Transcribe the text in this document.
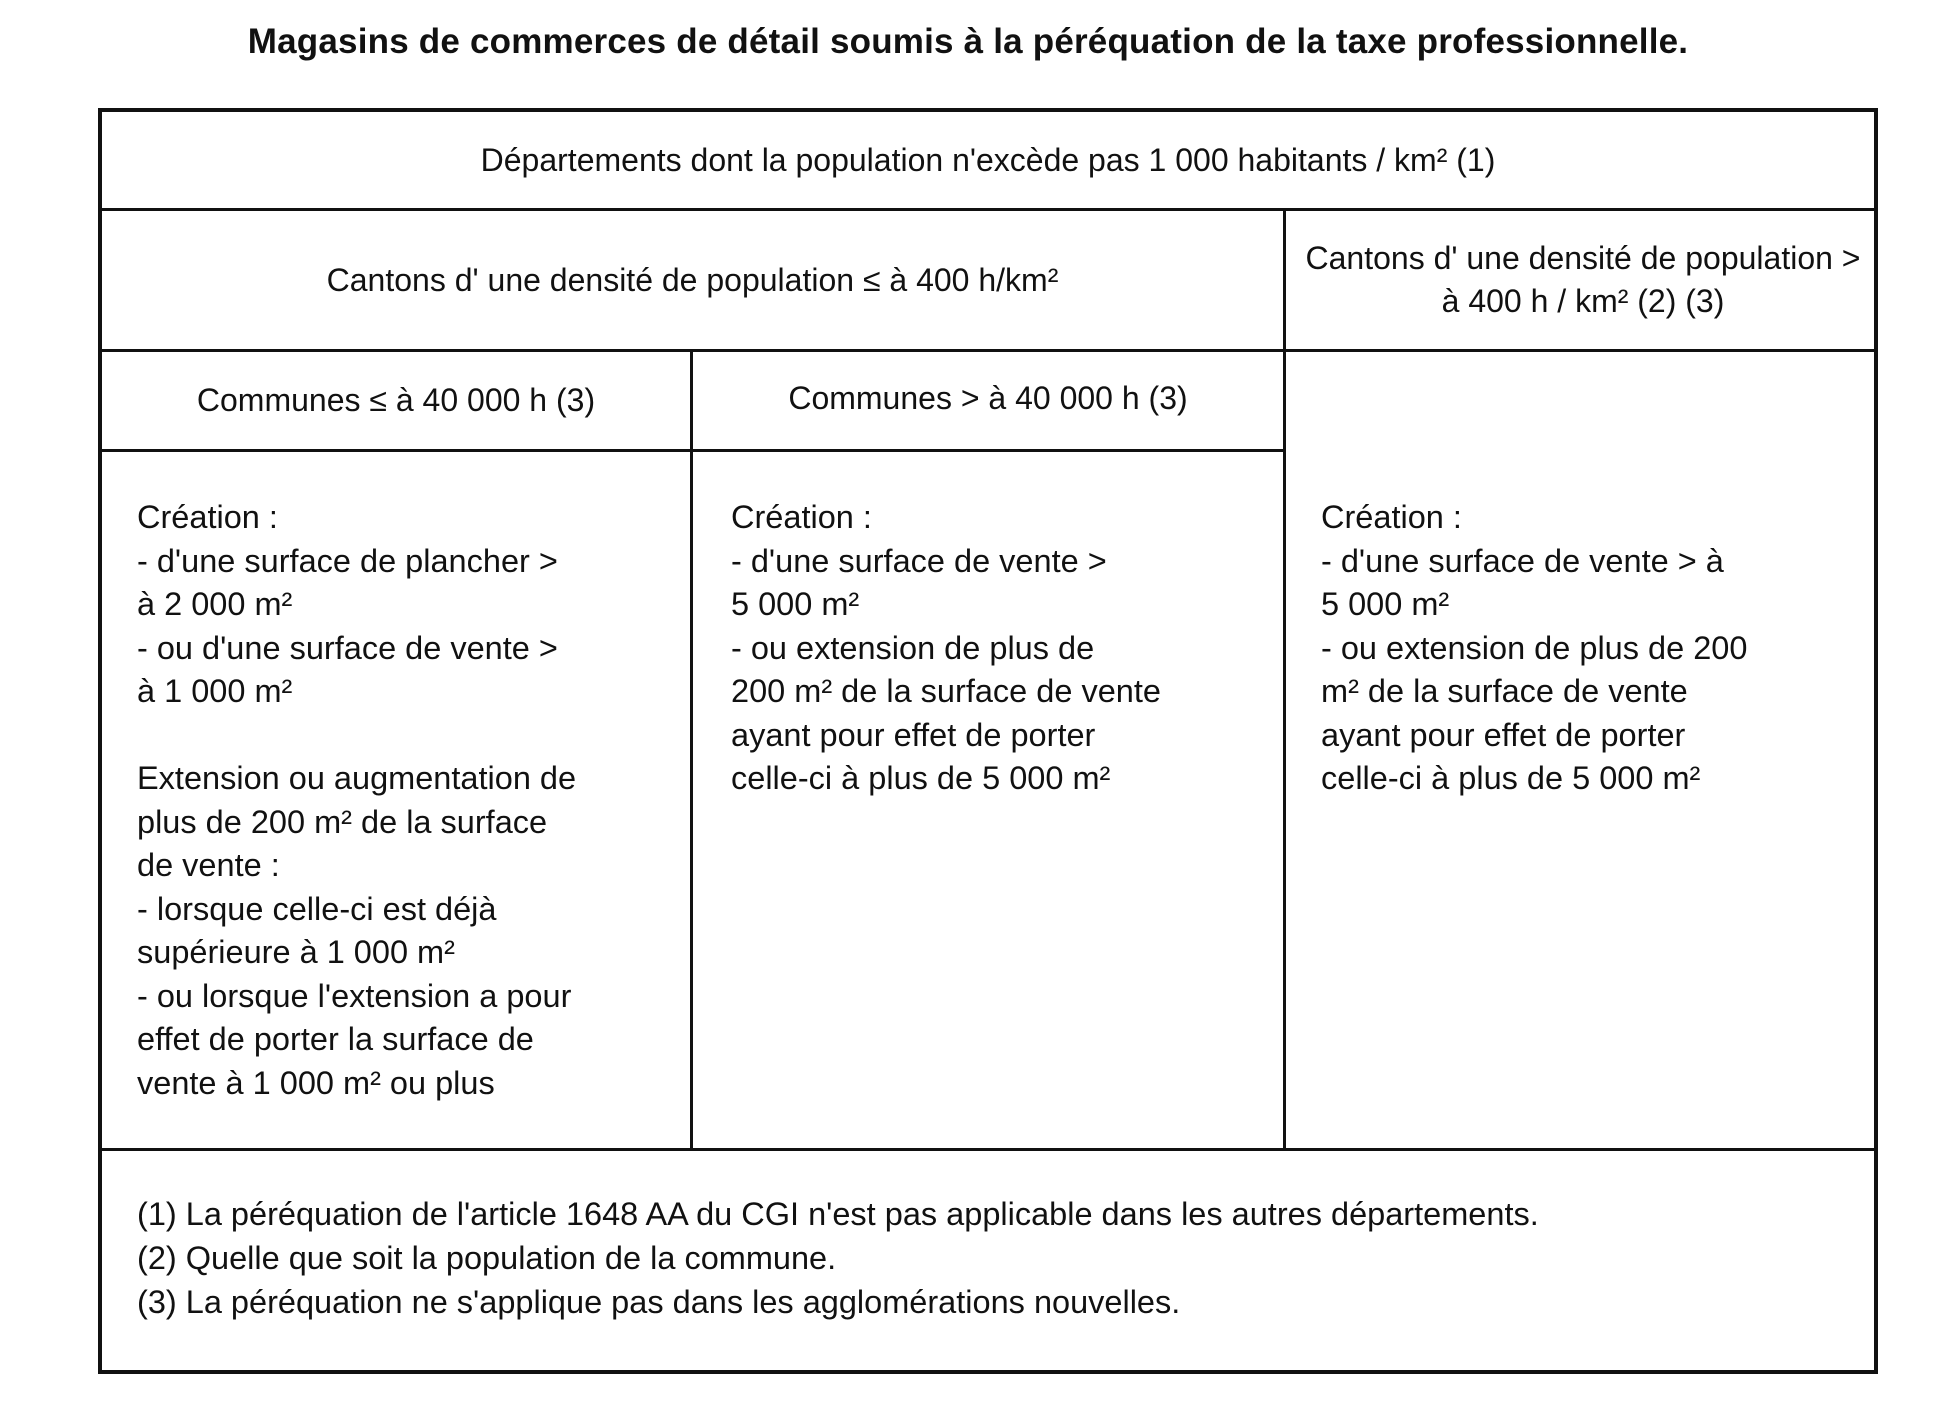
Magasins de commerces de détail soumis à la péréquation de la taxe professionnelle.
Départements dont la population n'excède pas 1 000 habitants / km² (1)
Cantons d' une densité de population ≤ à 400 h/km²
Cantons d' une densité de population > à 400 h / km² (2) (3)
Communes ≤ à 40 000 h (3)	Communes > à 40 000 h (3)
Création :
- d'une surface de plancher >
à 2 000 m²
- ou d'une surface de vente >
à 1 000 m²

Extension ou augmentation de
plus de 200 m² de la surface
de vente :
- lorsque celle-ci est déjà
supérieure à 1 000 m²
- ou lorsque l'extension a pour
effet de porter la surface de
vente à 1 000 m² ou plus
Création :
- d'une surface de vente >
5 000 m²
- ou extension de plus de
200 m² de la surface de vente
ayant pour effet de porter
celle-ci à plus de 5 000 m²
Création :
- d'une surface de vente > à
5 000 m²
- ou extension de plus de 200
m² de la surface de vente
ayant pour effet de porter
celle-ci à plus de 5 000 m²
(1) La péréquation de l'article 1648 AA du CGI n'est pas applicable dans les autres départements.
(2) Quelle que soit la population de la commune.
(3) La péréquation ne s'applique pas dans les agglomérations nouvelles.
